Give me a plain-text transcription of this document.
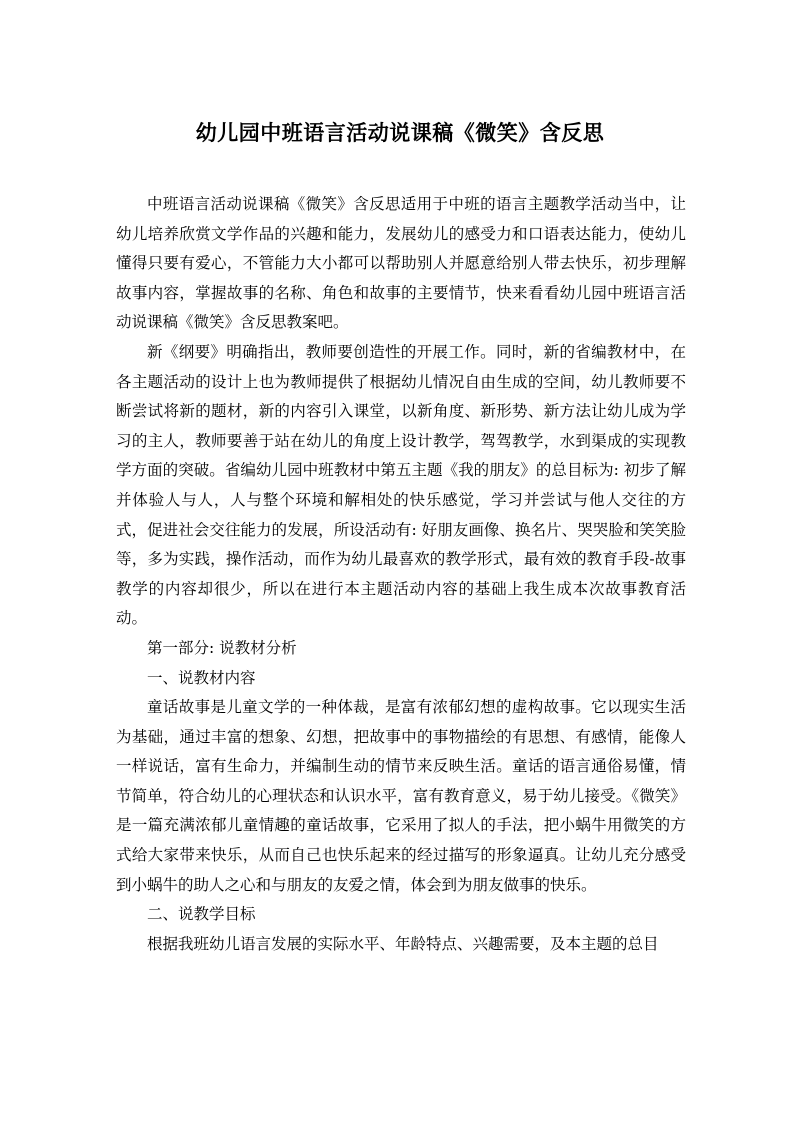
幼儿园中班语言活动说课稿《微笑》含反思

中班语言活动说课稿《微笑》含反思适用于中班的语言主题教学活动当中，让幼儿培养欣赏文学作品的兴趣和能力，发展幼儿的感受力和口语表达能力，使幼儿懂得只要有爱心，不管能力大小都可以帮助别人并愿意给别人带去快乐，初步理解故事内容，掌握故事的名称、角色和故事的主要情节，快来看看幼儿园中班语言活动说课稿《微笑》含反思教案吧。

新《纲要》明确指出，教师要创造性的开展工作。同时，新的省编教材中，在各主题活动的设计上也为教师提供了根据幼儿情况自由生成的空间，幼儿教师要不断尝试将新的题材，新的内容引入课堂，以新角度、新形势、新方法让幼儿成为学习的主人，教师要善于站在幼儿的角度上设计教学，驾驾教学，水到渠成的实现教学方面的突破。省编幼儿园中班教材中第五主题《我的朋友》的总目标为: 初步了解并体验人与人，人与整个环境和解相处的快乐感觉，学习并尝试与他人交往的方式，促进社会交往能力的发展，所设活动有: 好朋友画像、换名片、哭哭脸和笑笑脸等，多为实践，操作活动，而作为幼儿最喜欢的教学形式，最有效的教育手段-故事教学的内容却很少，所以在进行本主题活动内容的基础上我生成本次故事教育活动。

第一部分: 说教材分析

一、说教材内容

童话故事是儿童文学的一种体裁，是富有浓郁幻想的虚构故事。它以现实生活为基础，通过丰富的想象、幻想，把故事中的事物描绘的有思想、有感情，能像人一样说话，富有生命力，并编制生动的情节来反映生活。童话的语言通俗易懂，情节简单，符合幼儿的心理状态和认识水平，富有教育意义，易于幼儿接受。《微笑》是一篇充满浓郁儿童情趣的童话故事，它采用了拟人的手法，把小蜗牛用微笑的方式给大家带来快乐，从而自己也快乐起来的经过描写的形象逼真。让幼儿充分感受到小蜗牛的助人之心和与朋友的友爱之情，体会到为朋友做事的快乐。

二、说教学目标

根据我班幼儿语言发展的实际水平、年龄特点、兴趣需要，及本主题的总目
